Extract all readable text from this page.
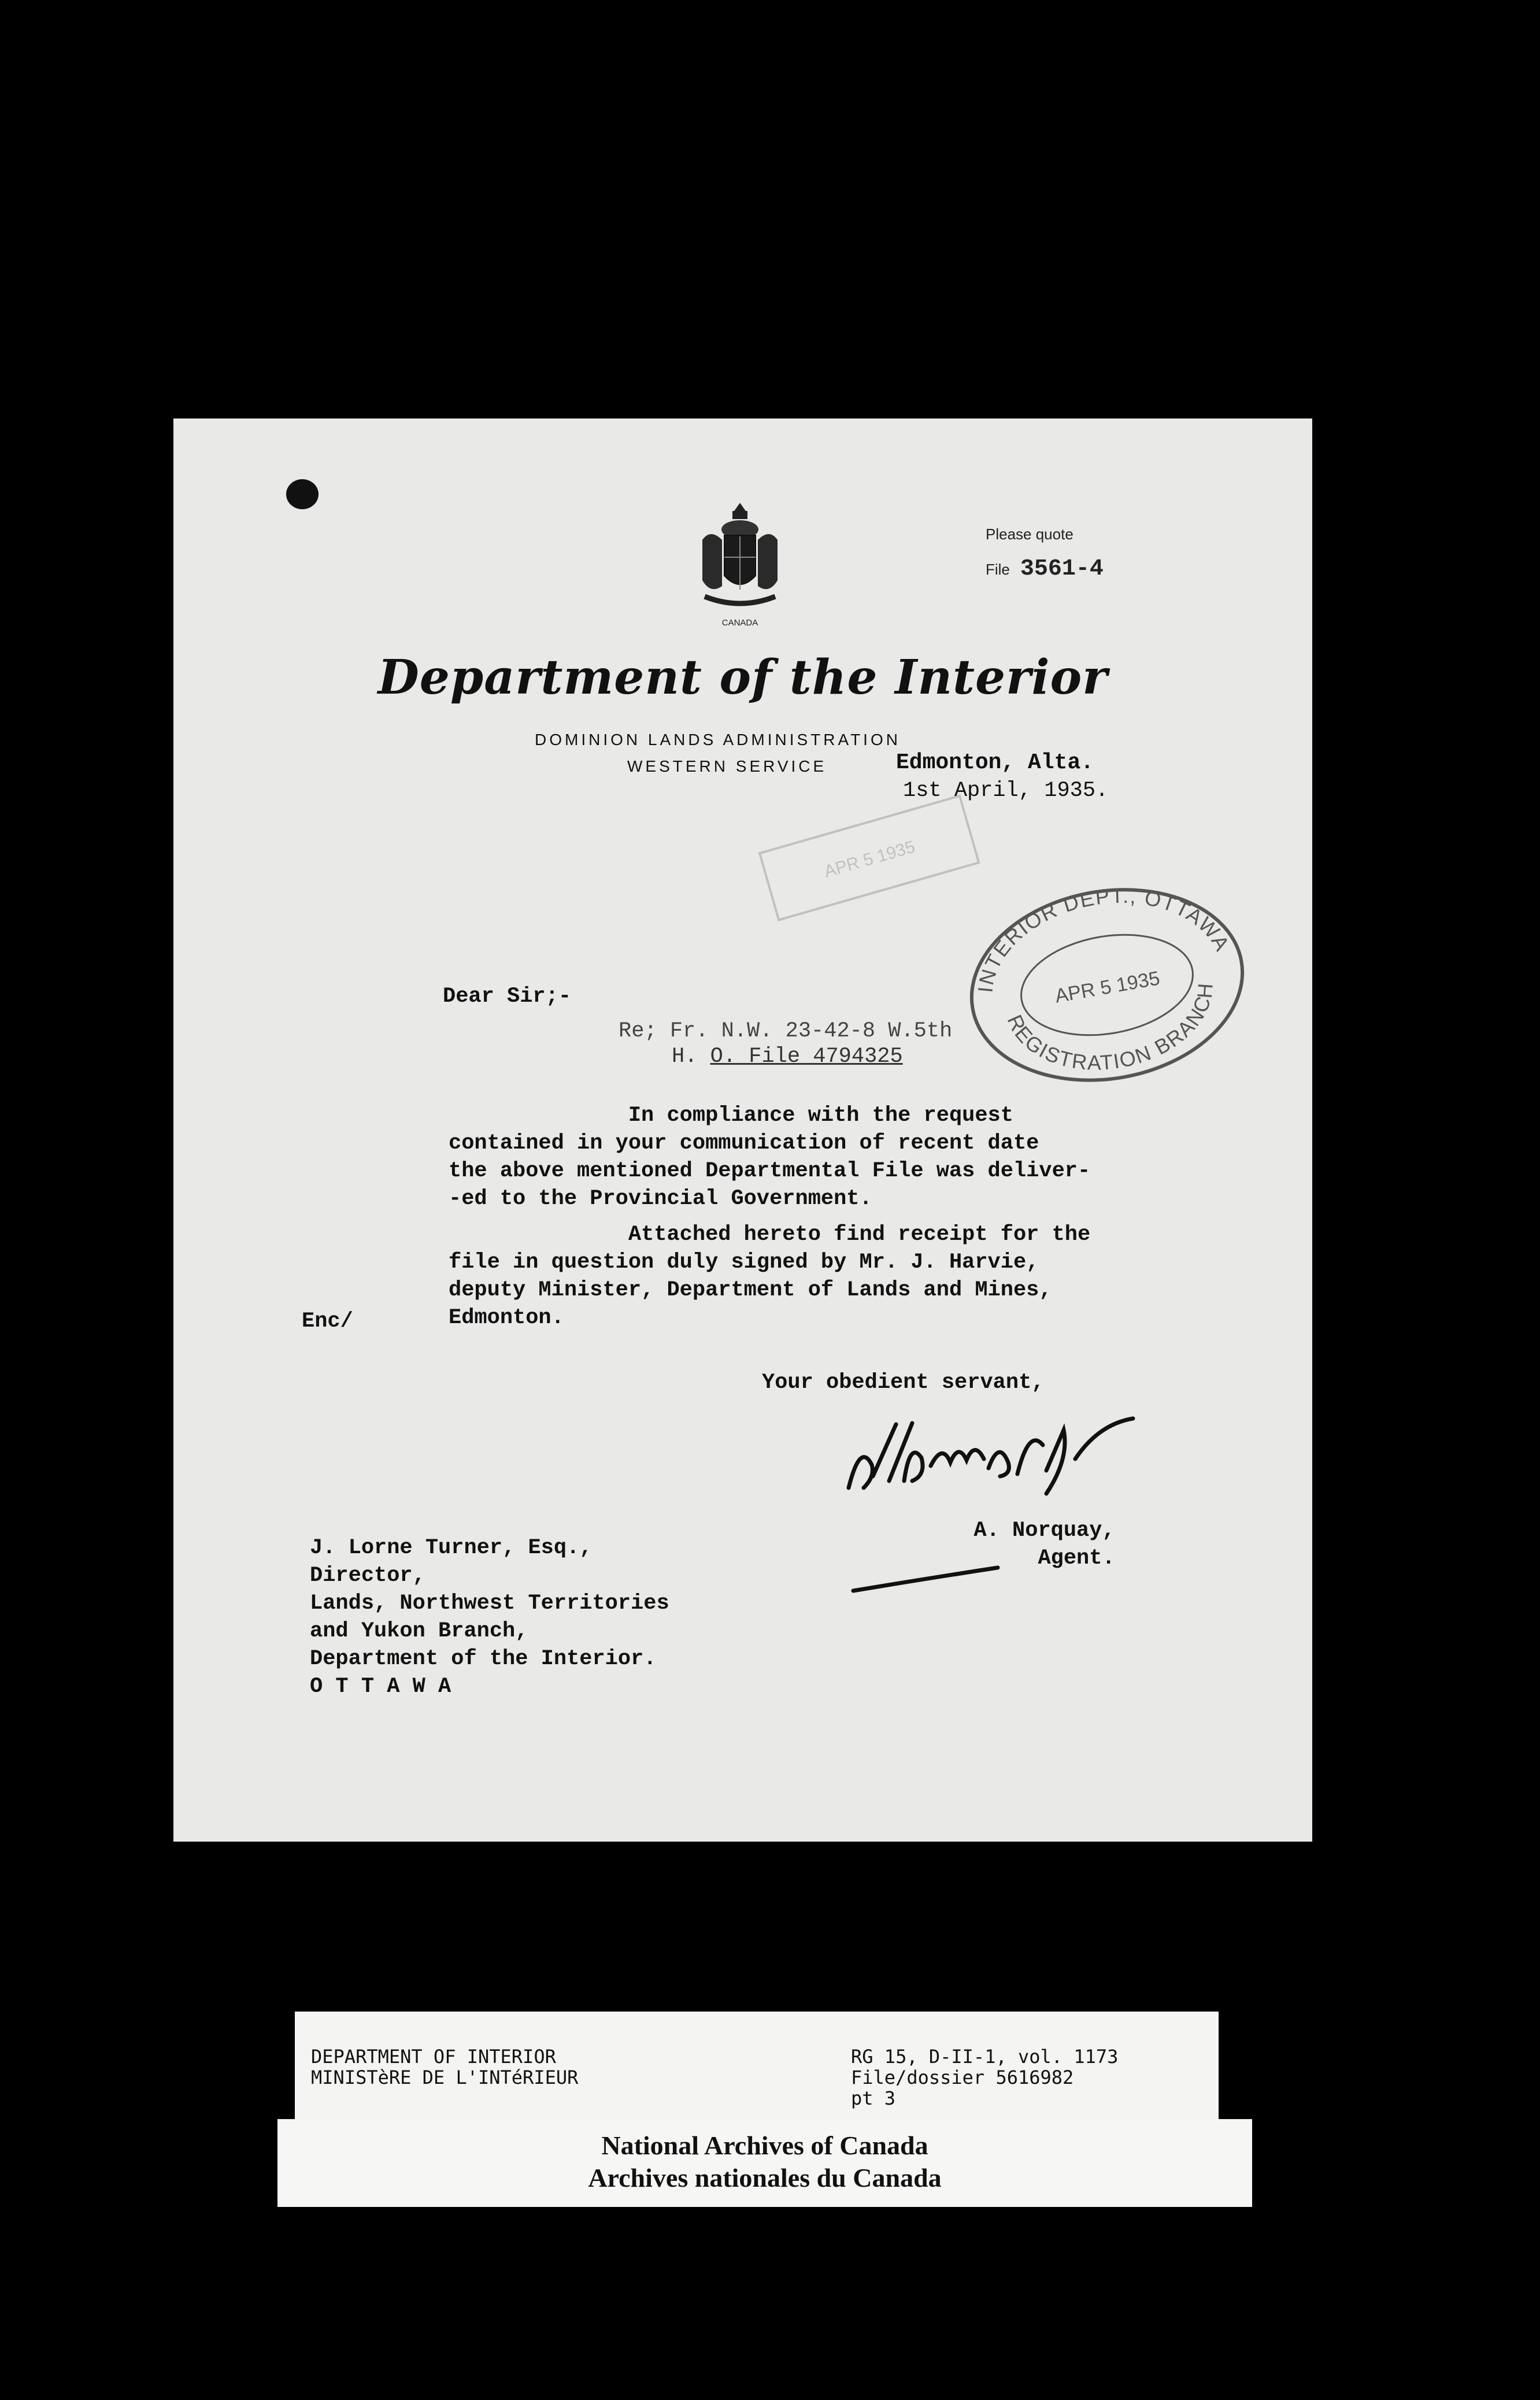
CANADA
Please quote
File 3561-4
Department of the Interior
DOMINION LANDS ADMINISTRATION
WESTERN SERVICE	Edmonton, Alta.
1st April, 1935.
APR 5 1935
INTERIOR DEPT., OTTAWA
REGISTRATION BRANCH
APR 5 1935
Dear Sir;-
Re; Fr. N.W. 23-42-8 W.5th
H. O. File 4794325
In compliance with the request
contained in your communication of recent date
the above mentioned Departmental File was deliver-
-ed to the Provincial Government.
Attached hereto find receipt for the
file in question duly signed by Mr. J. Harvie,
deputy Minister, Department of Lands and Mines,
Edmonton.
Enc/
Your obedient servant,
A. Norquay,
Agent.
J. Lorne Turner, Esq.,
Director,
Lands, Northwest Territories
and Yukon Branch,
Department of the Interior.
O T T A W A
DEPARTMENT OF INTERIOR
MINISTèRE DE L'INTéRIEUR
RG 15, D-II-1, vol. 1173
File/dossier 5616982
pt 3
National Archives of Canada
Archives nationales du Canada
